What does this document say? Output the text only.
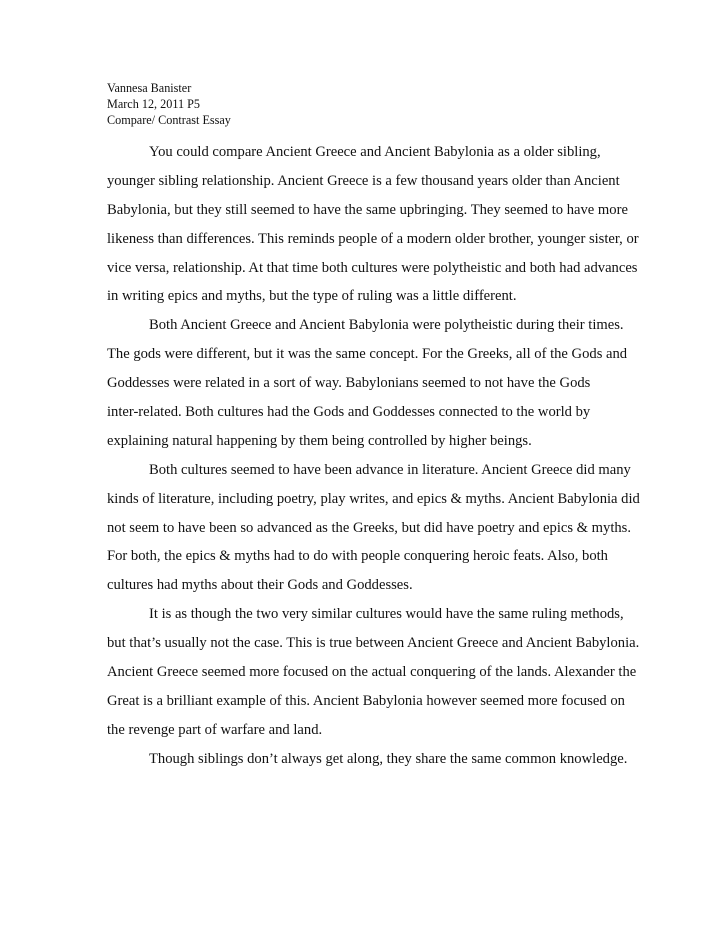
Vannesa Banister
March 12, 2011 P5
Compare/ Contrast Essay
You could compare Ancient Greece and Ancient Babylonia as a older sibling,
younger sibling relationship. Ancient Greece is a few thousand years older than Ancient
Babylonia, but they still seemed to have the same upbringing. They seemed to have more
likeness than differences. This reminds people of a modern older brother, younger sister, or
vice versa, relationship. At that time both cultures were polytheistic and both had advances
in writing epics and myths, but the type of ruling was a little different.
Both Ancient Greece and Ancient Babylonia were polytheistic during their times.
The gods were different, but it was the same concept. For the Greeks, all of the Gods and
Goddesses were related in a sort of way. Babylonians seemed to not have the Gods
inter-related. Both cultures had the Gods and Goddesses connected to the world by
explaining natural happening by them being controlled by higher beings.
Both cultures seemed to have been advance in literature. Ancient Greece did many
kinds of literature, including poetry, play writes, and epics & myths. Ancient Babylonia did
not seem to have been so advanced as the Greeks, but did have poetry and epics & myths.
For both, the epics & myths had to do with people conquering heroic feats. Also, both
cultures had myths about their Gods and Goddesses.
It is as though the two very similar cultures would have the same ruling methods,
but that’s usually not the case. This is true between Ancient Greece and Ancient Babylonia.
Ancient Greece seemed more focused on the actual conquering of the lands. Alexander the
Great is a brilliant example of this. Ancient Babylonia however seemed more focused on
the revenge part of warfare and land.
Though siblings don’t always get along, they share the same common knowledge.
